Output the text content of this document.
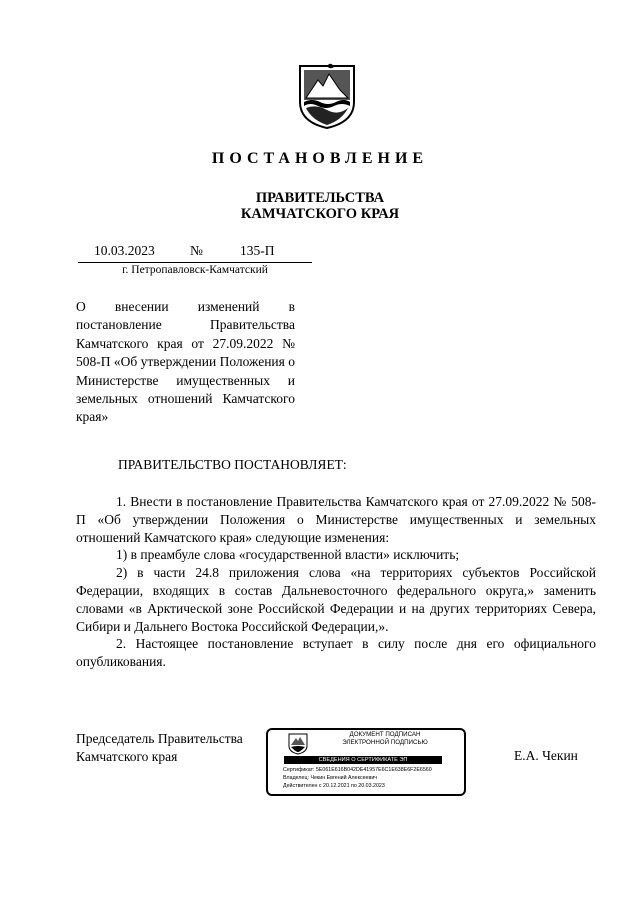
ПОСТАНОВЛЕНИЕ
ПРАВИТЕЛЬСТВА
КАМЧАТСКОГО КРАЯ
10.03.2023	№	135-П
г. Петропавловск-Камчатский
О внесении изменений в постановление Правительства Камчатского края от 27.09.2022 № 508-П «Об утверждении Положения о Министерстве имущественных и земельных отношений Камчатского края»
ПРАВИТЕЛЬСТВО ПОСТАНОВЛЯЕТ:

1. Внести в постановление Правительства Камчатского края от 27.09.2022 № 508-П «Об утверждении Положения о Министерстве имущественных и земельных отношений Камчатского края» следующие изменения:

1) в преамбуле слова «государственной власти» исключить;

2) в части 24.8 приложения слова «на территориях субъектов Российской Федерации, входящих в состав Дальневосточного федерального округа,» заменить словами «в Арктической зоне Российской Федерации и на других территориях Севера, Сибири и Дальнего Востока Российской Федерации,».

2. Настоящее постановление вступает в силу после дня его официального опубликования.

Председатель Правительства
Камчатского края
ДОКУМЕНТ ПОДПИСАН
ЭЛЕКТРОННОЙ ПОДПИСЬЮ
СВЕДЕНИЯ О СЕРТИФИКАТЕ ЭП
Сертификат: 5E061E616B042DE41957E6C1E638E6F2E6560
Владелец: Чекин Евгений Алексеевич
Действителен с 20.12.2021 по 20.03.2023
Е.А. Чекин
